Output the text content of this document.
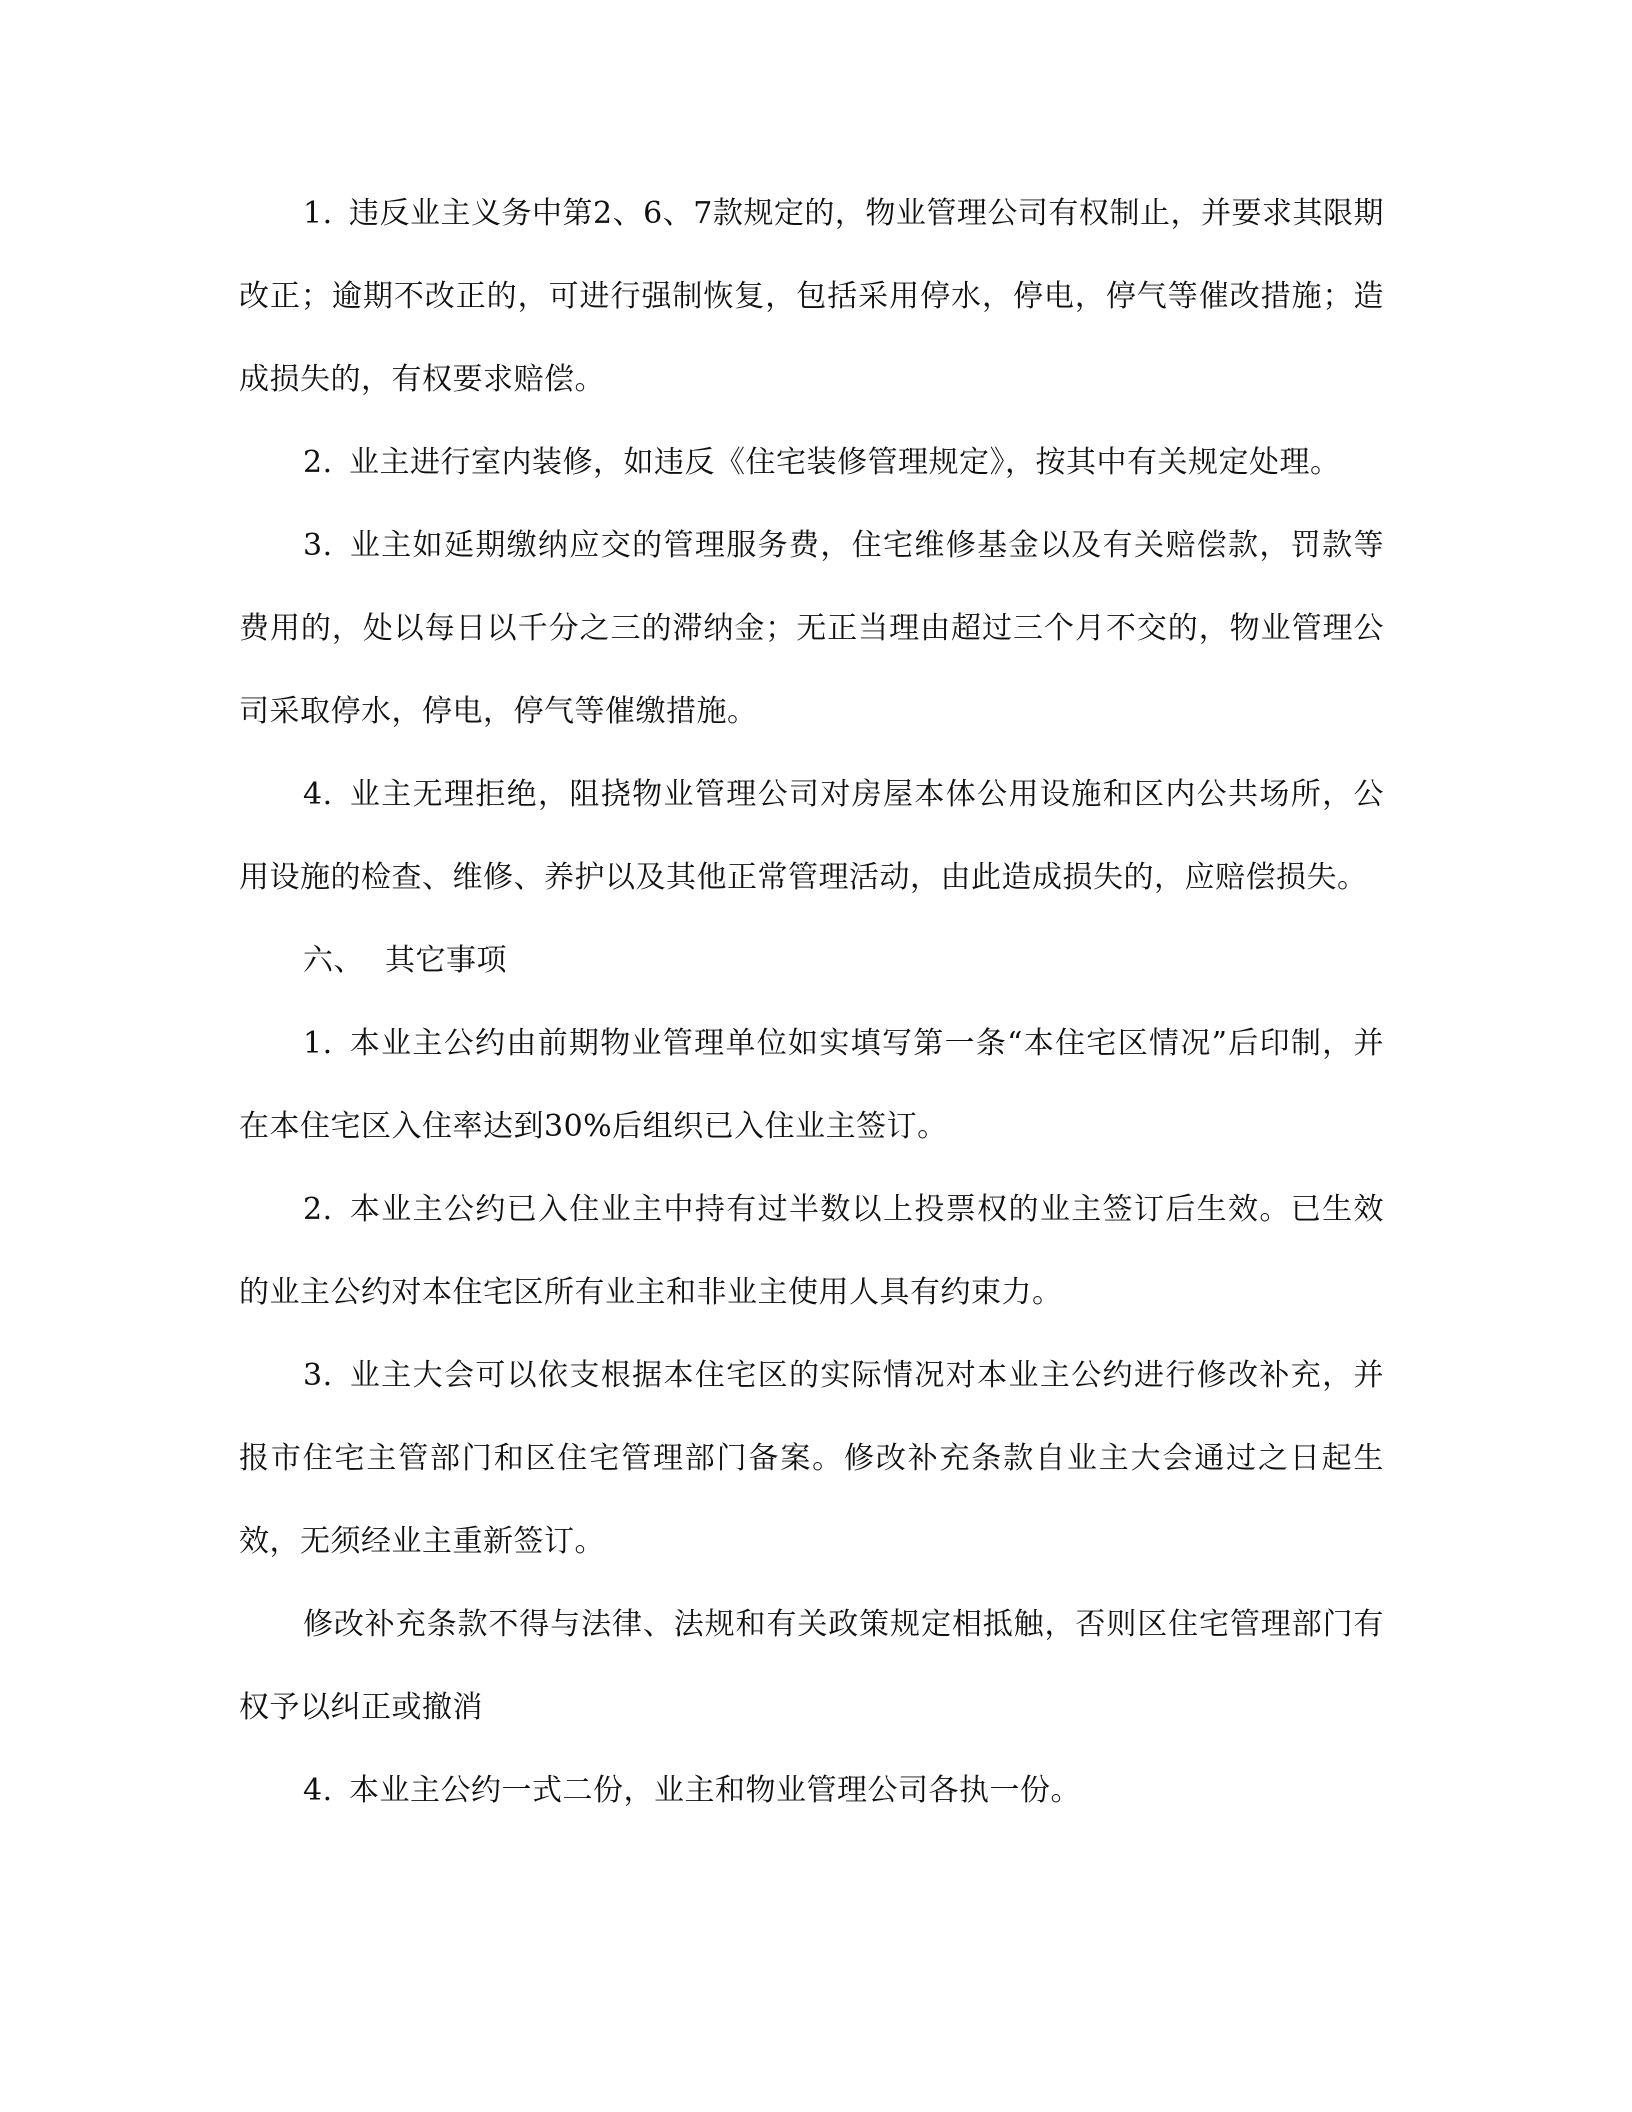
1. 违反业主义务中第2、6、7款规定的，物业管理公司有权制止，并要求其限期改正；逾期不改正的，可进行强制恢复，包括采用停水，停电，停气等催改措施；造成损失的，有权要求赔偿。

2. 业主进行室内装修，如违反《住宅装修管理规定》，按其中有关规定处理。

3. 业主如延期缴纳应交的管理服务费，住宅维修基金以及有关赔偿款，罚款等费用的，处以每日以千分之三的滞纳金；无正当理由超过三个月不交的，物业管理公司采取停水，停电，停气等催缴措施。

4. 业主无理拒绝，阻挠物业管理公司对房屋本体公用设施和区内公共场所，公用设施的检查、维修、养护以及其他正常管理活动，由此造成损失的，应赔偿损失。

六、 其它事项

1. 本业主公约由前期物业管理单位如实填写第一条“本住宅区情况”后印制，并在本住宅区入住率达到30%后组织已入住业主签订。

2. 本业主公约已入住业主中持有过半数以上投票权的业主签订后生效。已生效的业主公约对本住宅区所有业主和非业主使用人具有约束力。

3. 业主大会可以依支根据本住宅区的实际情况对本业主公约进行修改补充，并报市住宅主管部门和区住宅管理部门备案。修改补充条款自业主大会通过之日起生效，无须经业主重新签订。

修改补充条款不得与法律、法规和有关政策规定相抵触，否则区住宅管理部门有权予以纠正或撤消

4. 本业主公约一式二份，业主和物业管理公司各执一份。
